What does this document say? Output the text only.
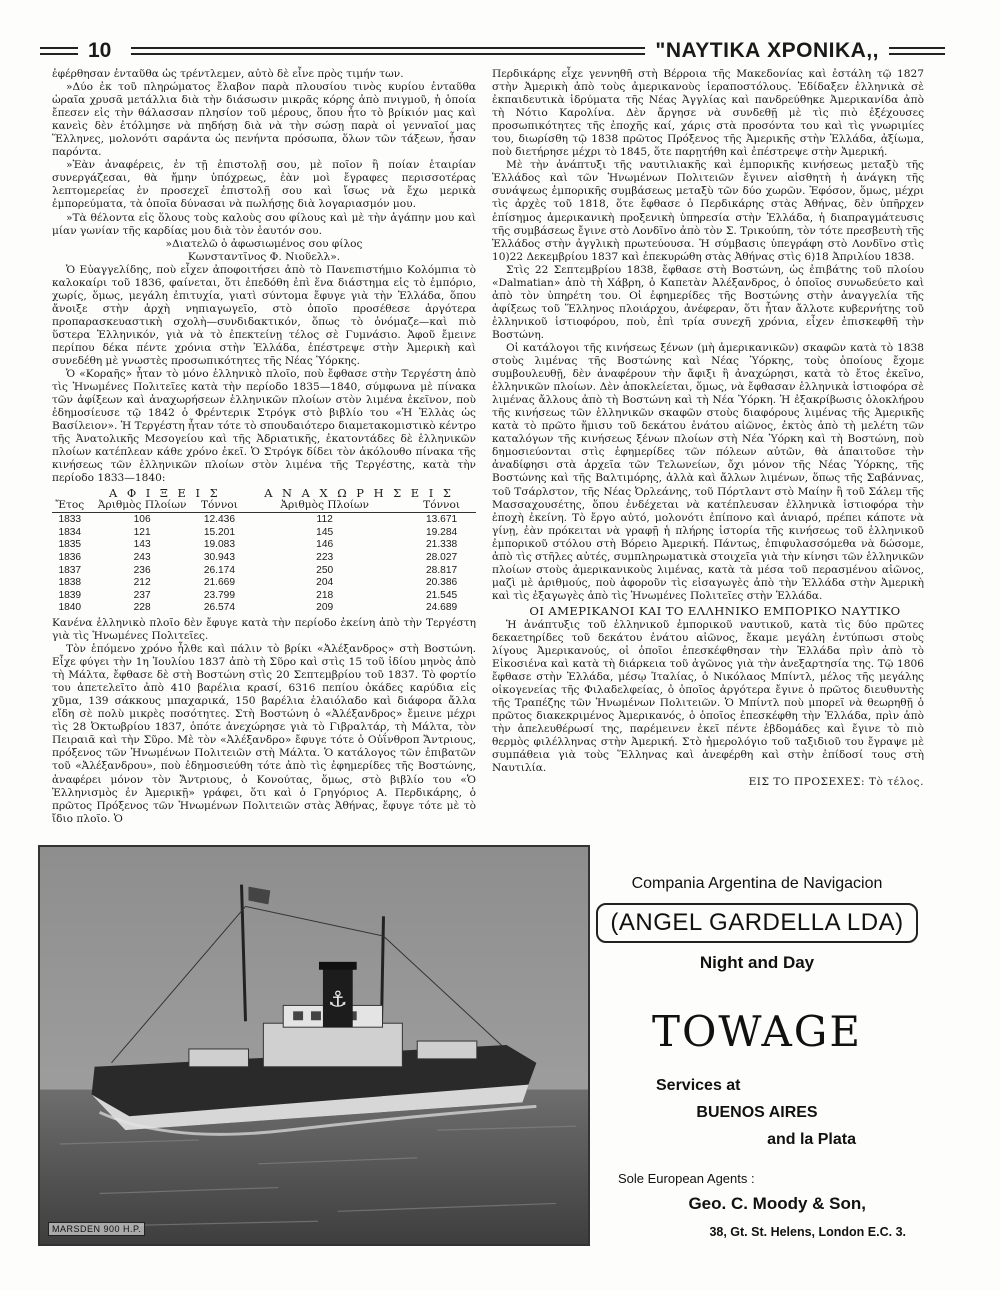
10	"ΝΑΥΤΙΚΑ ΧΡΟΝΙΚΑ,,

ἐφέρθησαν ἐνταῦθα ὡς τρέντλεμεν, αὐτὸ δὲ εἶνε πρὸς τιμήν των.

»Δύο ἐκ τοῦ πληρώματος ἔλαβον παρὰ πλουσίου τινὸς κυρίου ἐνταῦθα ὡραῖα χρυσᾶ μετάλλια διὰ τὴν διάσωσιν μικρᾶς κόρης ἀπὸ πνιγμοῦ, ἡ ὁποία ἔπεσεν εἰς τὴν θάλασσαν πλησίον τοῦ μέρους, ὅπου ἦτο τὸ βρίκιόν μας καὶ κανεὶς δὲν ἐτόλμησε νὰ πηδήσῃ διὰ νὰ τὴν σώσῃ παρὰ οἱ γενναῖοί μας Ἕλληνες, μολονότι σαράντα ὡς πενήντα πρόσωπα, ὅλων τῶν τάξεων, ἦσαν παρόντα.

»Ἐὰν ἀναφέρεις, ἐν τῇ ἐπιστολῇ σου, μὲ ποῖον ἢ ποίαν ἑταιρίαν συνεργάζεσαι, θὰ ἤμην ὑπόχρεως, ἐὰν μοὶ ἔγραφες περισσοτέρας λεπτομερείας ἐν προσεχεῖ ἐπιστολῇ σου καὶ ἴσως νὰ ἔχω μερικὰ ἐμπορεύματα, τὰ ὁποῖα δύνασαι νὰ πωλήσῃς διὰ λογαριασμόν μου.

»Τὰ θέλοντα εἰς ὅλους τοὺς καλοὺς σου φίλους καὶ μὲ τὴν ἀγάπην μου καὶ μίαν γωνίαν τῆς καρδίας μου διὰ τὸν ἑαυτόν σου.

»Διατελῶ ὁ ἀφωσιωμένος σου φίλος

Κωνσταντῖνος Φ. Νιοῦελλ».

Ὁ Εὐαγγελίδης, ποὺ εἶχεν ἀποφοιτήσει ἀπὸ τὸ Πανεπιστήμιο Κολόμπια τὸ καλοκαίρι τοῦ 1836, φαίνεται, ὅτι ἐπεδόθη ἐπὶ ἕνα διάστημα εἰς τὸ ἐμπόριο, χωρίς, ὅμως, μεγάλη ἐπιτυχία, γιατὶ σύντομα ἔφυγε γιὰ τὴν Ἑλλάδα, ὅπου ἄνοιξε στὴν ἀρχὴ νηπιαγωγεῖο, στὸ ὁποῖο προσέθεσε ἀργότερα προπαρασκευαστικὴ σχολὴ—συνδιδακτικόν, ὅπως τὸ ὀνόμαζε—καὶ πιὸ ὕστερα Ἑλληνικόν, γιὰ νὰ τὸ ἐπεκτείνῃ τέλος σὲ Γυμνάσιο. Ἀφοῦ ἔμεινε περίπου δέκα πέντε χρόνια στὴν Ἑλλάδα, ἐπέστρεψε στὴν Ἀμερικὴ καὶ συνεδέθη μὲ γνωστὲς προσωπικότητες τῆς Νέας Ὑόρκης.

Ὁ «Κοραῆς» ἦταν τὸ μόνο ἑλληνικὸ πλοῖο, ποὺ ἔφθασε στὴν Τεργέστη ἀπὸ τὶς Ἡνωμένες Πολιτεῖες κατὰ τὴν περίοδο 1835—1840, σύμφωνα μὲ πίνακα τῶν ἀφίξεων καὶ ἀναχωρήσεων ἑλληνικῶν πλοίων στὸν λιμένα ἐκεῖνον, ποὺ ἐδημοσίευσε τῷ 1842 ὁ Φρέντερικ Στρόγκ στὸ βιβλίο του «Ἡ Ἑλλὰς ὡς Βασίλειον». Ἡ Τεργέστη ἦταν τότε τὸ σπουδαιότερο διαμετακομιστικὸ κέντρο τῆς Ἀνατολικῆς Μεσογείου καὶ τῆς Ἀδριατικῆς, ἐκατοντάδες δὲ ἑλληνικῶν πλοίων κατέπλεαν κάθε χρόνο ἐκεῖ. Ὁ Στρόγκ δίδει τὸν ἀκόλουθο πίνακα τῆς κινήσεως τῶν ἑλληνικῶν πλοίων στὸν λιμένα τῆς Τεργέστης, κατὰ τὴν περίοδο 1833—1840:

	Α Φ Ι Ξ Ε Ι Σ		Α Ν Α Χ Ω Ρ Η Σ Ε Ι Σ	
Ἔτος	Ἀριθμὸς Πλοίων	Τόννοι	Ἀριθμὸς Πλοίων	Τόννοι

1833	106	12.436	112	13.671
1834	121	15.201	145	19.284
1835	143	19.083	146	21.338
1836	243	30.943	223	28.027
1837	236	26.174	250	28.817
1838	212	21.669	204	20.386
1839	237	23.799	218	21.545
1840	228	26.574	209	24.689

Κανένα ἑλληνικὸ πλοῖο δὲν ἔφυγε κατὰ τὴν περίοδο ἐκείνη ἀπὸ τὴν Τεργέστη γιὰ τὶς Ἡνωμένες Πολιτεῖες.

Τὸν ἑπόμενο χρόνο ἦλθε καὶ πάλιν τὸ βρίκι «Ἀλέξανδρος» στὴ Βοστώνη. Εἶχε φύγει τὴν 1η Ἰουλίου 1837 ἀπὸ τὴ Σῦρο καὶ στὶς 15 τοῦ ἰδίου μηνὸς ἀπὸ τὴ Μάλτα, ἔφθασε δὲ στὴ Βοστώνη στὶς 20 Σεπτεμβρίου τοῦ 1837. Τὸ φορτίο του ἀπετελεῖτο ἀπὸ 410 βαρέλια κρασί, 6316 πεπίου ὀκάδες καρύδια εἰς χῦμα, 139 σάκκους μπαχαρικά, 150 βαρέλια ἐλαιόλαδο καὶ διάφορα ἄλλα εἴδη σὲ πολὺ μικρὲς ποσότητες. Στὴ Βοστώνη ὁ «Ἀλέξανδρος» ἔμεινε μέχρι τὶς 28 Ὀκτωβρίου 1837, ὁπότε ἀνεχώρησε γιὰ τὸ Γιβραλτάρ, τὴ Μάλτα, τὸν Πειραιᾶ καὶ τὴν Σῦρο. Μὲ τὸν «Ἀλέξανδρο» ἔφυγε τότε ὁ Οὐΐνθροπ Ἄντριους, πρόξενος τῶν Ἡνωμένων Πολιτειῶν στὴ Μάλτα. Ὁ κατάλογος τῶν ἐπιβατῶν τοῦ «Ἀλέξανδρου», ποὺ ἐδημοσιεύθη τότε ἀπὸ τὶς ἐφημερίδες τῆς Βοστώνης, ἀναφέρει μόνον τὸν Ἄντριους, ὁ Κονούτας, ὅμως, στὸ βιβλίο του «Ὁ Ἑλληνισμὸς ἐν Ἀμερικῇ» γράφει, ὅτι καὶ ὁ Γρηγόριος Α. Περδικάρης, ὁ πρῶτος Πρόξενος τῶν Ἡνωμένων Πολιτειῶν στὰς Ἀθήνας, ἔφυγε τότε μὲ τὸ ἴδιο πλοῖο. Ὁ

Περδικάρης εἶχε γεννηθῆ στὴ Βέρροια τῆς Μακεδονίας καὶ ἐστάλη τῷ 1827 στὴν Ἀμερικὴ ἀπὸ τοὺς ἀμερικανοὺς ἱεραποστόλους. Ἐδίδαξεν ἑλληνικὰ σὲ ἐκπαιδευτικὰ ἱδρύματα τῆς Νέας Ἀγγλίας καὶ πανδρεύθηκε Ἀμερικανίδα ἀπὸ τὴ Νότιο Καρολίνα. Δὲν ἄργησε νὰ συνδεθῇ μὲ τὶς πιὸ ἐξέχουσες προσωπικότητες τῆς ἐποχῆς καί, χάρις στὰ προσόντα του καὶ τὶς γνωριμίες του, διωρίσθη τῷ 1838 πρῶτος Πρόξενος τῆς Ἀμερικῆς στὴν Ἑλλάδα, ἀξίωμα, ποὺ διετήρησε μέχρι τὸ 1845, ὅτε παρῃτήθη καὶ ἐπέστρεψε στὴν Ἀμερική.

Μὲ τὴν ἀνάπτυξι τῆς ναυτιλιακῆς καὶ ἐμπορικῆς κινήσεως μεταξὺ τῆς Ἑλλάδος καὶ τῶν Ἡνωμένων Πολιτειῶν ἔγινεν αἰσθητὴ ἡ ἀνάγκη τῆς συνάψεως ἐμπορικῆς συμβάσεως μεταξὺ τῶν δύο χωρῶν. Ἐφόσον, ὅμως, μέχρι τὶς ἀρχὲς τοῦ 1818, ὅτε ἔφθασε ὁ Περδικάρης στὰς Ἀθήνας, δὲν ὑπῆρχεν ἐπίσημος ἀμερικανικὴ προξενικὴ ὑπηρεσία στὴν Ἑλλάδα, ἡ διαπραγμάτευσις τῆς συμβάσεως ἔγινε στὸ Λονδῖνο ἀπὸ τὸν Σ. Τρικούπη, τὸν τότε πρεσβευτὴ τῆς Ἑλλάδος στὴν ἀγγλικὴ πρωτεύουσα. Ἡ σύμβασις ὑπεγράφη στὸ Λονδῖνο στὶς 10)22 Δεκεμβρίου 1837 καὶ ἐπεκυρώθη στὰς Ἀθήνας στὶς 6)18 Ἀπριλίου 1838.

Στὶς 22 Σεπτεμβρίου 1838, ἔφθασε στὴ Βοστώνη, ὡς ἐπιβάτης τοῦ πλοίου «Dalmatian» ἀπὸ τὴ Χάβρη, ὁ Καπετὰν Ἀλέξανδρος, ὁ ὁποῖος συνωδεύετο καὶ ἀπὸ τὸν ὑπηρέτη του. Οἱ ἐφημερίδες τῆς Βοστώνης στὴν ἀναγγελία τῆς ἀφίξεως τοῦ Ἕλληνος πλοιάρχου, ἀνέφεραν, ὅτι ἦταν ἄλλοτε κυβερνήτης τοῦ ἑλληνικοῦ ἱστιοφόρου, ποὺ, ἐπὶ τρία συνεχῆ χρόνια, εἶχεν ἐπισκεφθῆ τὴν Βοστώνη.

Οἱ κατάλογοι τῆς κινήσεως ξένων (μὴ ἀμερικανικῶν) σκαφῶν κατὰ τὸ 1838 στοὺς λιμένας τῆς Βοστώνης καὶ Νέας Ὑόρκης, τοὺς ὁποίους ἔχομε συμβουλευθῇ, δὲν ἀναφέρουν τὴν ἄφιξι ἢ ἀναχώρησι, κατὰ τὸ ἔτος ἐκεῖνο, ἑλληνικῶν πλοίων. Δὲν ἀποκλείεται, ὅμως, νὰ ἔφθασαν ἑλληνικὰ ἱστιοφόρα σὲ λιμένας ἄλλους ἀπὸ τὴ Βοστώνη καὶ τὴ Νέα Ὑόρκη. Ἡ ἐξακρίβωσις ὁλοκλήρου τῆς κινήσεως τῶν ἑλληνικῶν σκαφῶν στοὺς διαφόρους λιμένας τῆς Ἀμερικῆς κατὰ τὸ πρῶτο ἥμισυ τοῦ δεκάτου ἐνάτου αἰῶνος, ἐκτὸς ἀπὸ τὴ μελέτη τῶν καταλόγων τῆς κινήσεως ξένων πλοίων στὴ Νέα Ὑόρκη καὶ τὴ Βοστώνη, ποὺ δημοσιεύονται στὶς ἐφημερίδες τῶν πόλεων αὐτῶν, θὰ ἀπαιτοῦσε τὴν ἀναδίφησι στὰ ἀρχεῖα τῶν Τελωνείων, ὄχι μόνον τῆς Νέας Ὑόρκης, τῆς Βοστώνης καὶ τῆς Βαλτιμόρης, ἀλλὰ καὶ ἄλλων λιμένων, ὅπως τῆς Σαβάννας, τοῦ Τσάρλστον, τῆς Νέας Ὀρλεάνης, τοῦ Πόρτλαντ στὸ Μαίην ἢ τοῦ Σάλεμ τῆς Μασσαχουσέτης, ὅπου ἐνδέχεται νὰ κατέπλευσαν ἑλληνικὰ ἱστιοφόρα τὴν ἐποχὴ ἐκείνη. Τὸ ἔργο αὐτό, μολονότι ἐπίπονο καὶ ἀνιαρό, πρέπει κάποτε νὰ γίνῃ, ἐὰν πρόκειται νὰ γραφῇ ἡ πλήρης ἱστορία τῆς κινήσεως τοῦ ἑλληνικοῦ ἐμπορικοῦ στόλου στὴ Βόρειο Ἀμερική. Πάντως, ἐπιφυλασσόμεθα νὰ δώσομε, ἀπὸ τὶς στῆλες αὐτές, συμπληρωματικὰ στοιχεῖα γιὰ τὴν κίνησι τῶν ἑλληνικῶν πλοίων στοὺς ἀμερικανικοὺς λιμένας, κατὰ τὰ μέσα τοῦ περασμένου αἰῶνος, μαζὶ μὲ ἀριθμούς, ποὺ ἀφοροῦν τὶς εἰσαγωγὲς ἀπὸ τὴν Ἑλλάδα στὴν Ἀμερικὴ καὶ τὶς ἐξαγωγὲς ἀπὸ τὶς Ἡνωμένες Πολιτεῖες στὴν Ἑλλάδα.

ΟΙ ΑΜΕΡΙΚΑΝΟΙ ΚΑΙ ΤΟ ΕΛΛΗΝΙΚΟ ΕΜΠΟΡΙΚΟ ΝΑΥΤΙΚΟ

Ἡ ἀνάπτυξις τοῦ ἑλληνικοῦ ἐμπορικοῦ ναυτικοῦ, κατὰ τὶς δύο πρῶτες δεκαετηρίδες τοῦ δεκάτου ἐνάτου αἰῶνος, ἔκαμε μεγάλη ἐντύπωσι στοὺς λίγους Ἀμερικανούς, οἱ ὁποῖοι ἐπεσκέφθησαν τὴν Ἑλλάδα πρὶν ἀπὸ τὸ Εἰκοσιένα καὶ κατὰ τὴ διάρκεια τοῦ ἀγῶνος γιὰ τὴν ἀνεξαρτησία της. Τῷ 1806 ἔφθασε στὴν Ἑλλάδα, μέσῳ Ἰταλίας, ὁ Νικόλαος Μπίντλ, μέλος τῆς μεγάλης οἰκογενείας τῆς Φιλαδελφείας, ὁ ὁποῖος ἀργότερα ἔγινε ὁ πρῶτος διευθυντὴς τῆς Τραπέζης τῶν Ἡνωμένων Πολιτειῶν. Ὁ Μπίντλ ποὺ μπορεῖ νὰ θεωρηθῇ ὁ πρῶτος διακεκριμένος Ἀμερικανός, ὁ ὁποῖος ἐπεσκέφθη τὴν Ἑλλάδα, πρὶν ἀπὸ τὴν ἀπελευθέρωσί της, παρέμεινεν ἐκεῖ πέντε ἑβδομάδες καὶ ἔγινε τὸ πιὸ θερμὸς φιλέλληνας στὴν Ἀμερική. Στὸ ἡμερολόγιο τοῦ ταξιδιοῦ του ἔγραψε μὲ συμπάθεια γιὰ τοὺς Ἕλληνας καὶ ἀνεφέρθη καὶ στὴν ἐπίδοσί τους στὴ Ναυτιλία.

ΕΙΣ ΤΟ ΠΡΟΣΕΧΕΣ: Τὸ τέλος.

⚓
MARSDEN 900 H.P.
Compania Argentina de Navigacion
(ANGEL GARDELLA LDA)
Night and Day
TOWAGE
Services at
BUENOS AIRES
and la Plata
Sole European Agents :
Geo. C. Moody & Son,
38, Gt. St. Helens, London E.C. 3.
